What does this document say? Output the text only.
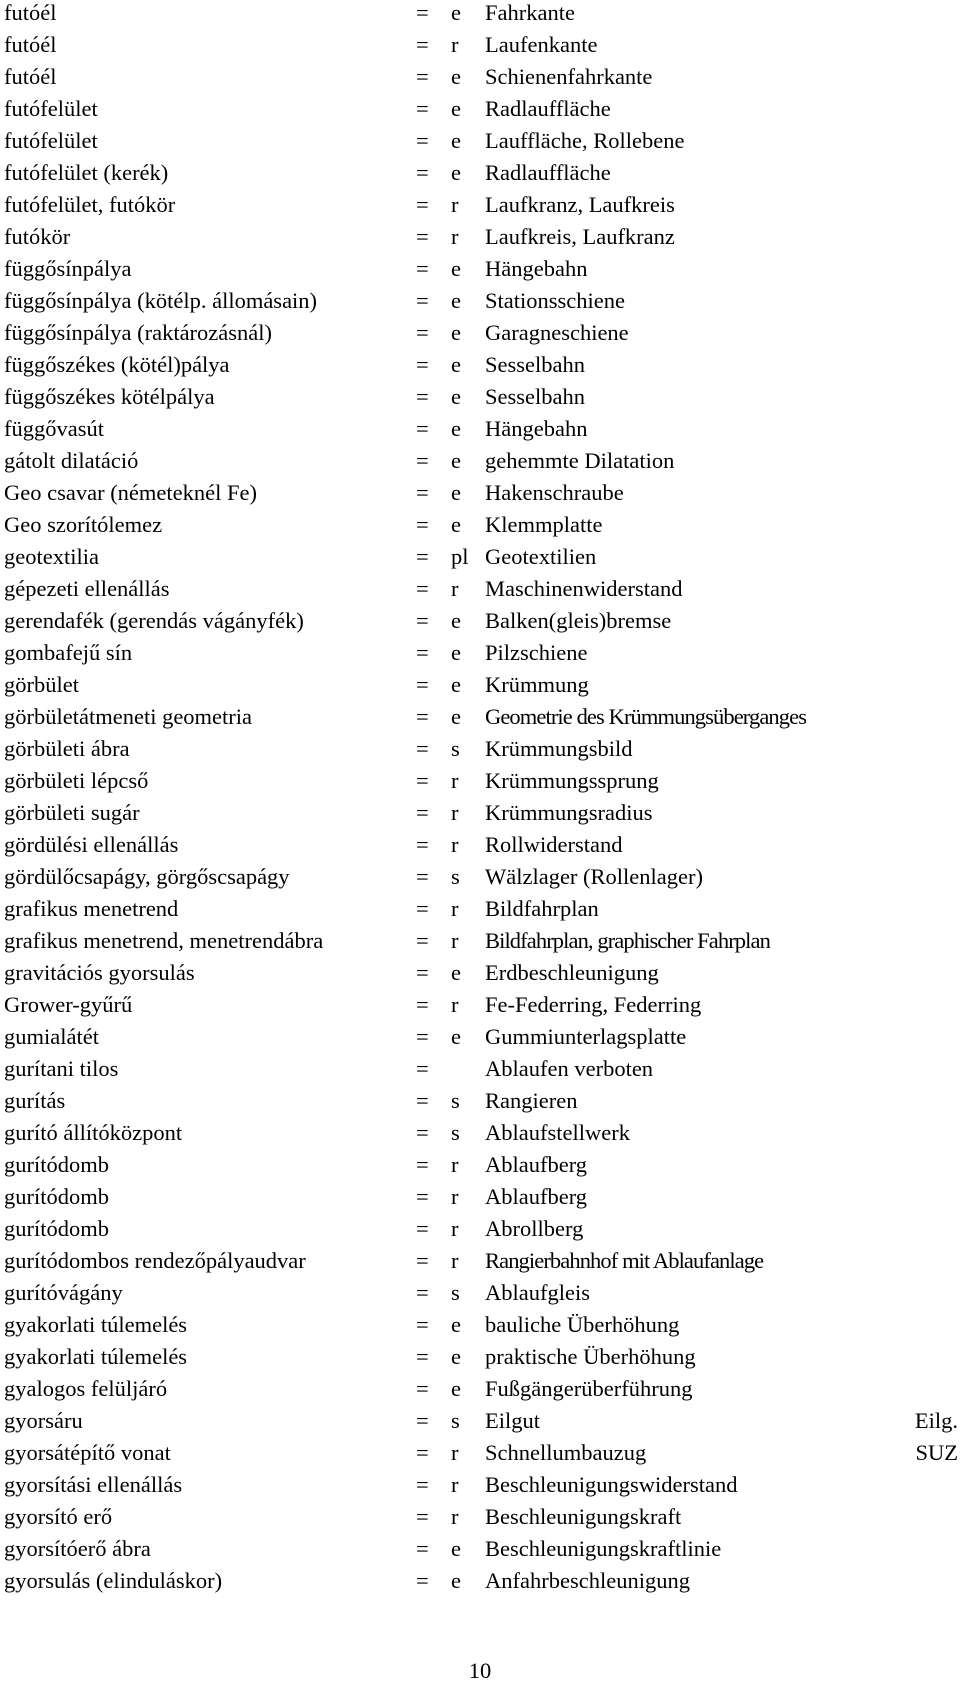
futóél	= e Fahrkante
futóél	= r Laufenkante
futóél	= e Schienenfahrkante
futófelület	= e Radlauffläche
futófelület	= e Lauffläche, Rollebene
futófelület (kerék)	= e Radlauffläche
futófelület, futókör	= r Laufkranz, Laufkreis
futókör	= r Laufkreis, Laufkranz
függősínpálya	= e Hängebahn
függősínpálya (kötélp. állomásain)	= e Stationsschiene
függősínpálya (raktározásnál)	= e Garagneschiene
függőszékes (kötél)pálya	= e Sesselbahn
függőszékes kötélpálya	= e Sesselbahn
függővasút	= e Hängebahn
gátolt dilatáció	= e gehemmte Dilatation
Geo csavar (németeknél Fe)	= e Hakenschraube
Geo szorítólemez	= e Klemmplatte
geotextilia	= pl Geotextilien
gépezeti ellenállás	= r Maschinenwiderstand
gerendafék (gerendás vágányfék)	= e Balken(gleis)bremse
gombafejű sín	= e Pilzschiene
görbület	= e Krümmung
görbületátmeneti geometria	= e Geometrie des Krümmungsüberganges
görbületi ábra	= s Krümmungsbild
görbületi lépcső	= r Krümmungssprung
görbületi sugár	= r Krümmungsradius
gördülési ellenállás	= r Rollwiderstand
gördülőcsapágy, görgőscsapágy	= s Wälzlager (Rollenlager)
grafikus menetrend	= r Bildfahrplan
grafikus menetrend, menetrendábra	= r Bildfahrplan, graphischer Fahrplan
gravitációs gyorsulás	= e Erdbeschleunigung
Grower-gyűrű	= r Fe-Federring, Federring
gumialátét	= e Gummiunterlagsplatte
gurítani tilos	=	Ablaufen verboten
gurítás	= s Rangieren
gurító állítóközpont	= s Ablaufstellwerk
gurítódomb	= r Ablaufberg
gurítódomb	= r Ablaufberg
gurítódomb	= r Abrollberg
gurítódombos rendezőpályaudvar	= r Rangierbahnhof mit Ablaufanlage
gurítóvágány	= s Ablaufgleis
gyakorlati túlemelés	= e bauliche Überhöhung
gyakorlati túlemelés	= e praktische Überhöhung
gyalogos felüljáró	= e Fußgängerüberführung
gyorsáru	= s Eilgut	Eilg.
gyorsátépítő vonat	= r Schnellumbauzug	SUZ
gyorsítási ellenállás	= r Beschleunigungswiderstand
gyorsító erő	= r Beschleunigungskraft
gyorsítóerő ábra	= e Beschleunigungskraftlinie
gyorsulás (elinduláskor)	= e Anfahrbeschleunigung
10
